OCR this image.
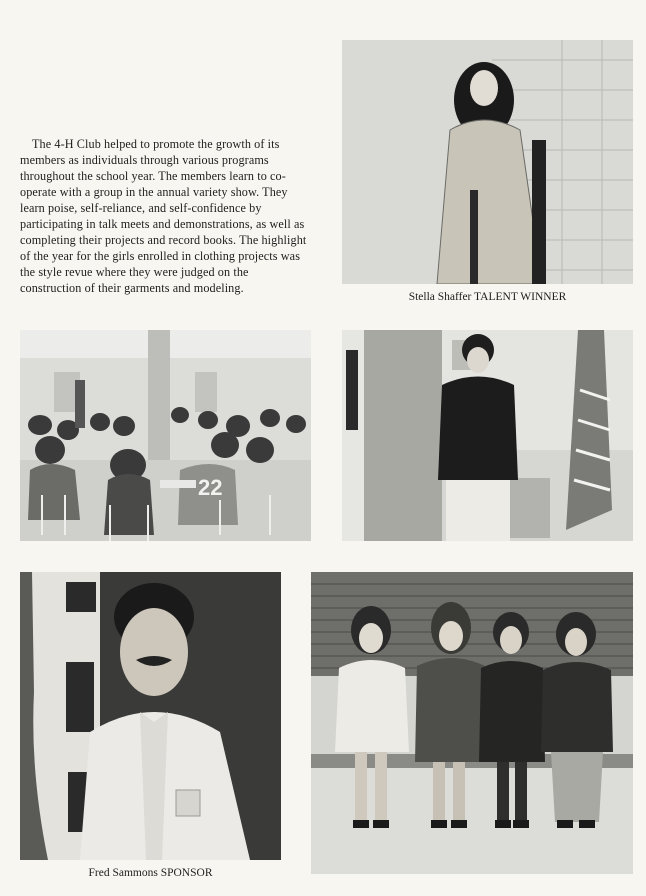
The 4-H Club helped to promote the growth of its members as individuals through various programs throughout the school year. The members learn to co-operate with a group in the annual variety show. They learn poise, self-reliance, and self-confidence by participating in talk meets and demonstrations, as well as completing their projects and record books. The highlight of the year for the girls enrolled in clothing projects was the style revue where they were judged on the construction of their garments and modeling.

Stella Shaffer TALENT WINNER

22

Fred Sammons SPONSOR
